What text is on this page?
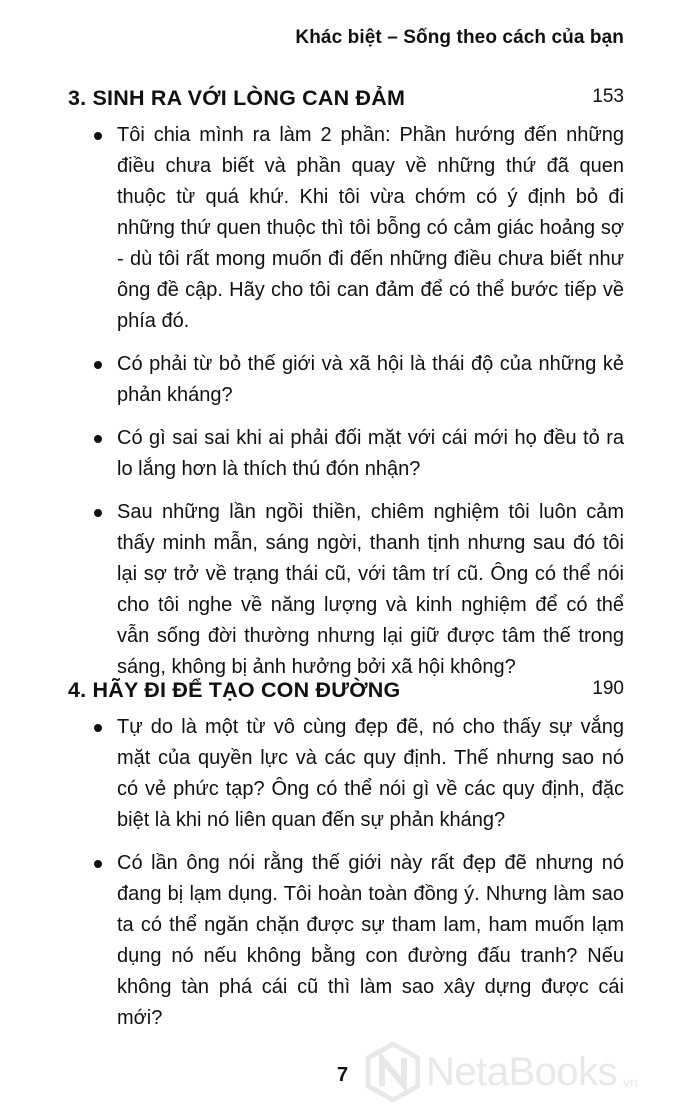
Khác biệt – Sống theo cách của bạn
3. SINH RA VỚI LÒNG CAN ĐẢM	153
Tôi chia mình ra làm 2 phần: Phần hướng đến những điều chưa biết và phần quay về những thứ đã quen thuộc từ quá khứ. Khi tôi vừa chớm có ý định bỏ đi những thứ quen thuộc thì tôi bỗng có cảm giác hoảng sợ - dù tôi rất mong muốn đi đến những điều chưa biết như ông đề cập. Hãy cho tôi can đảm để có thể bước tiếp về phía đó.
Có phải từ bỏ thế giới và xã hội là thái độ của những kẻ phản kháng?
Có gì sai sai khi ai phải đối mặt với cái mới họ đều tỏ ra lo lắng hơn là thích thú đón nhận?
Sau những lần ngồi thiền, chiêm nghiệm tôi luôn cảm thấy minh mẫn, sáng ngời, thanh tịnh nhưng sau đó tôi lại sợ trở về trạng thái cũ, với tâm trí cũ. Ông có thể nói cho tôi nghe về năng lượng và kinh nghiệm để có thể vẫn sống đời thường nhưng lại giữ được tâm thế trong sáng, không bị ảnh hưởng bởi xã hội không?
4. HÃY ĐI ĐỂ TẠO CON ĐƯỜNG	190
Tự do là một từ vô cùng đẹp đẽ, nó cho thấy sự vắng mặt của quyền lực và các quy định. Thế nhưng sao nó có vẻ phức tạp? Ông có thể nói gì về các quy định, đặc biệt là khi nó liên quan đến sự phản kháng?
Có lần ông nói rằng thế giới này rất đẹp đẽ nhưng nó đang bị lạm dụng. Tôi hoàn toàn đồng ý. Nhưng làm sao ta có thể ngăn chặn được sự tham lam, ham muốn lạm dụng nó nếu không bằng con đường đấu tranh? Nếu không tàn phá cái cũ thì làm sao xây dựng được cái mới?
7 NetaBooks .vn
